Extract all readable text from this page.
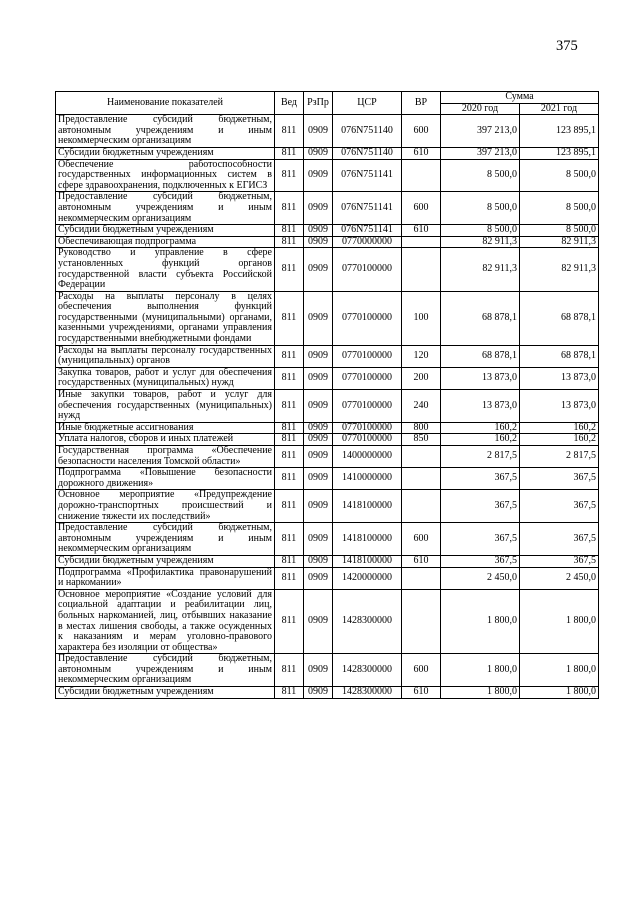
375
Наименование показателей	Вед	РзПр	ЦСР	ВР	Сумма	
					2020 год	2021 год
Предоставление субсидий бюджетным, автономным учреждениям и иным некоммерческим организациям	811	0909	076N751140	600	397 213,0	123 895,1
Субсидии бюджетным учреждениям	811	0909	076N751140	610	397 213,0	123 895,1
Обеспечение работоспособности государственных информационных систем в сфере здравоохранения, подключенных к ЕГИСЗ	811	0909	076N751141		8 500,0	8 500,0
Предоставление субсидий бюджетным, автономным учреждениям и иным некоммерческим организациям	811	0909	076N751141	600	8 500,0	8 500,0
Субсидии бюджетным учреждениям	811	0909	076N751141	610	8 500,0	8 500,0
Обеспечивающая подпрограмма	811	0909	0770000000		82 911,3	82 911,3
Руководство и управление в сфере установленных функций органов государственной власти субъекта Российской Федерации	811	0909	0770100000		82 911,3	82 911,3
Расходы на выплаты персоналу в целях обеспечения выполнения функций государственными (муниципальными) органами, казенными учреждениями, органами управления государственными внебюджетными фондами	811	0909	0770100000	100	68 878,1	68 878,1
Расходы на выплаты персоналу государственных (муниципальных) органов	811	0909	0770100000	120	68 878,1	68 878,1
Закупка товаров, работ и услуг для обеспечения государственных (муниципальных) нужд	811	0909	0770100000	200	13 873,0	13 873,0
Иные закупки товаров, работ и услуг для обеспечения государственных (муниципальных) нужд	811	0909	0770100000	240	13 873,0	13 873,0
Иные бюджетные ассигнования	811	0909	0770100000	800	160,2	160,2
Уплата налогов, сборов и иных платежей	811	0909	0770100000	850	160,2	160,2
Государственная программа «Обеспечение безопасности населения Томской области»	811	0909	1400000000		2 817,5	2 817,5
Подпрограмма «Повышение безопасности дорожного движения»	811	0909	1410000000		367,5	367,5
Основное мероприятие «Предупреждение дорожно-транспортных происшествий и снижение тяжести их последствий»	811	0909	1418100000		367,5	367,5
Предоставление субсидий бюджетным, автономным учреждениям и иным некоммерческим организациям	811	0909	1418100000	600	367,5	367,5
Субсидии бюджетным учреждениям	811	0909	1418100000	610	367,5	367,5
Подпрограмма «Профилактика правонарушений и наркомании»	811	0909	1420000000		2 450,0	2 450,0
Основное мероприятие «Создание условий для социальной адаптации и реабилитации лиц, больных наркоманией, лиц, отбывших наказание в местах лишения свободы, а также осужденных к наказаниям и мерам уголовно-правового характера без изоляции от общества»	811	0909	1428300000		1 800,0	1 800,0
Предоставление субсидий бюджетным, автономным учреждениям и иным некоммерческим организациям	811	0909	1428300000	600	1 800,0	1 800,0
Субсидии бюджетным учреждениям	811	0909	1428300000	610	1 800,0	1 800,0
